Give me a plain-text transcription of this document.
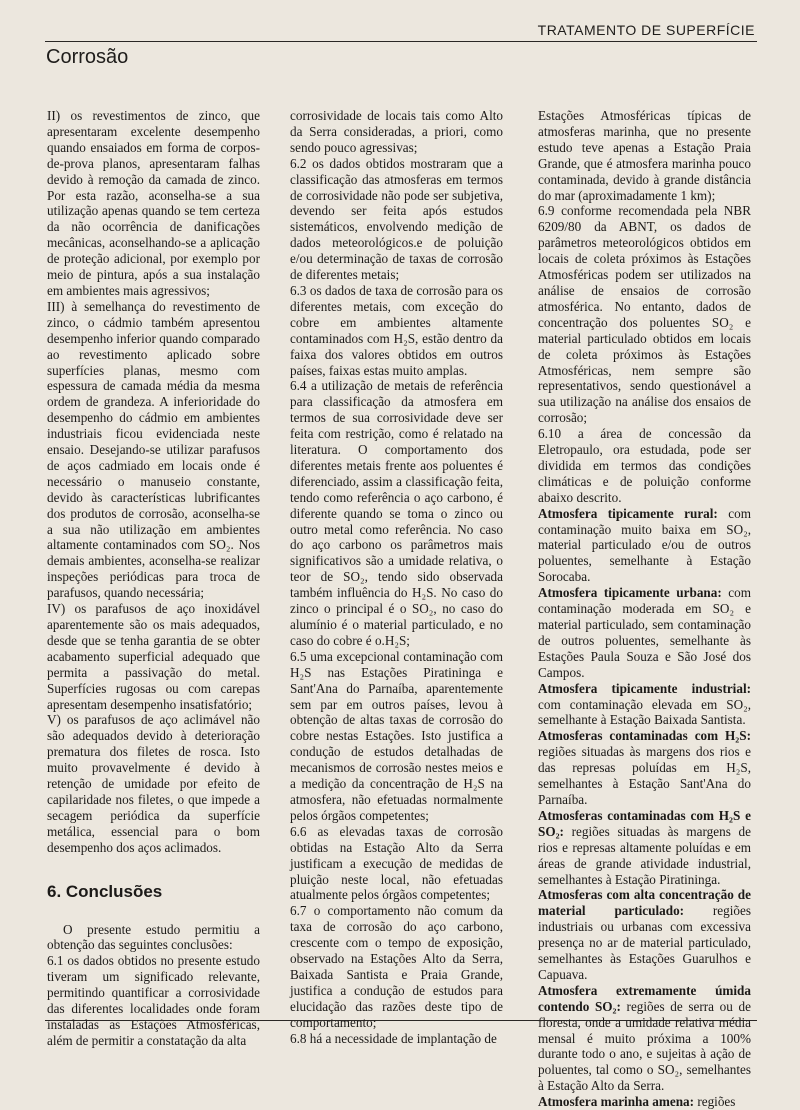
TRATAMENTO DE SUPERFÍCIE
Corrosão

II) os revestimentos de zinco, que apresentaram excelente desempenho quando ensaiados em forma de corpos-de-prova planos, apresentaram falhas devido à remoção da camada de zinco. Por esta razão, aconselha-se a sua utilização apenas quando se tem certeza da não ocorrência de danificações mecânicas, aconselhando-se a aplicação de proteção adicional, por exemplo por meio de pintura, após a sua instalação em ambientes mais agressivos;

III) à semelhança do revestimento de zinco, o cádmio também apresentou desempenho inferior quando comparado ao revestimento aplicado sobre superfícies planas, mesmo com espessura de camada média da mesma ordem de grandeza. A inferioridade do desempenho do cádmio em ambientes industriais ficou evidenciada neste ensaio. Desejando-se utilizar parafusos de aços cadmiado em locais onde é necessário o manuseio constante, devido às características lubrificantes dos produtos de corrosão, aconselha-se a sua não utilização em ambientes altamente contaminados com SO₂. Nos demais ambientes, aconselha-se realizar inspeções periódicas para troca de parafusos, quando necessária;

IV) os parafusos de aço inoxidável aparentemente são os mais adequados, desde que se tenha garantia de se obter acabamento superficial adequado que permita a passivação do metal. Superfícies rugosas ou com carepas apresentam desempenho insatisfatório;

V) os parafusos de aço aclimável não são adequados devido à deterioração prematura dos filetes de rosca. Isto muito provavelmente é devido à retenção de umidade por efeito de capilaridade nos filetes, o que impede a secagem periódica da superfície metálica, essencial para o bom desempenho dos aços aclimados.

6. Conclusões

O presente estudo permitiu a obtenção das seguintes conclusões:

6.1 os dados obtidos no presente estudo tiveram um significado relevante, permitindo quantificar a corrosividade das diferentes localidades onde foram instaladas as Estações Atmosféricas, além de permitir a constatação da alta

corrosividade de locais tais como Alto da Serra consideradas, a priori, como sendo pouco agressivas;

6.2 os dados obtidos mostraram que a classificação das atmosferas em termos de corrosividade não pode ser subjetiva, devendo ser feita após estudos sistemáticos, envolvendo medição de dados meteorológicos.e de poluição e/ou determinação de taxas de corrosão de diferentes metais;

6.3 os dados de taxa de corrosão para os diferentes metais, com exceção do cobre em ambientes altamente contaminados com H₂S, estão dentro da faixa dos valores obtidos em outros países, faixas estas muito amplas.

6.4 a utilização de metais de referência para classificação da atmosfera em termos de sua corrosividade deve ser feita com restrição, como é relatado na literatura. O comportamento dos diferentes metais frente aos poluentes é diferenciado, assim a classificação feita, tendo como referência o aço carbono, é diferente quando se toma o zinco ou outro metal como referência. No caso do aço carbono os parâmetros mais significativos são a umidade relativa, o teor de SO₂, tendo sido observada também influência do H₂S. No caso do zinco o principal é o SO₂, no caso do alumínio é o material particulado, e no caso do cobre é o.H₂S;

6.5 uma excepcional contaminação com H₂S nas Estações Piratininga e Sant'Ana do Parnaíba, aparentemente sem par em outros países, levou à obtenção de altas taxas de corrosão do cobre nestas Estações. Isto justifica a condução de estudos detalhadas de mecanismos de corrosão nestes meios e a medição da concentração de H₂S na atmosfera, não efetuadas normalmente pelos órgãos competentes;

6.6 as elevadas taxas de corrosão obtidas na Estação Alto da Serra justificam a execução de medidas de pluição neste local, não efetuadas atualmente pelos órgãos competentes;

6.7 o comportamento não comum da taxa de corrosão do aço carbono, crescente com o tempo de exposição, observado na Estações Alto da Serra, Baixada Santista e Praia Grande, justifica a condução de estudos para elucidação das razões deste tipo de comportamento;

6.8 há a necessidade de implantação de

Estações Atmosféricas típicas de atmosferas marinha, que no presente estudo teve apenas a Estação Praia Grande, que é atmosfera marinha pouco contaminada, devido à grande distância do mar (aproximadamente 1 km);

6.9 conforme recomendada pela NBR 6209/80 da ABNT, os dados de parâmetros meteorológicos obtidos em locais de coleta próximos às Estações Atmosféricas podem ser utilizados na análise de ensaios de corrosão atmosférica. No entanto, dados de concentração dos poluentes SO₂ e material particulado obtidos em locais de coleta próximos às Estações Atmosféricas, nem sempre são representativos, sendo questionável a sua utilização na análise dos ensaios de corrosão;

6.10 a área de concessão da Eletropaulo, ora estudada, pode ser dividida em termos das condições climáticas e de poluição conforme abaixo descrito.

Atmosfera tipicamente rural: com contaminação muito baixa em SO₂, material particulado e/ou de outros poluentes, semelhante à Estação Sorocaba.

Atmosfera tipicamente urbana: com contaminação moderada em SO₂ e material particulado, sem contaminação de outros poluentes, semelhante às Estações Paula Souza e São José dos Campos.

Atmosfera tipicamente industrial: com contaminação elevada em SO₂, semelhante à Estação Baixada Santista.

Atmosferas contaminadas com H₂S: regiões situadas às margens dos rios e das represas poluídas em H₂S, semelhantes à Estação Sant'Ana do Parnaíba.

Atmosferas contaminadas com H₂S e SO₂: regiões situadas às margens de rios e represas altamente poluídas e em áreas de grande atividade industrial, semelhantes à Estação Piratininga.

Atmosferas com alta concentração de material particulado: regiões industriais ou urbanas com excessiva presença no ar de material particulado, semelhantes às Estações Guarulhos e Capuava.

Atmosfera extremamente úmida contendo SO₂: regiões de serra ou de floresta, onde a umidade relativa média mensal é muito próxima a 100% durante todo o ano, e sujeitas à ação de poluentes, tal como o SO₂, semelhantes à Estação Alto da Serra.

Atmosfera marinha amena: regiões
